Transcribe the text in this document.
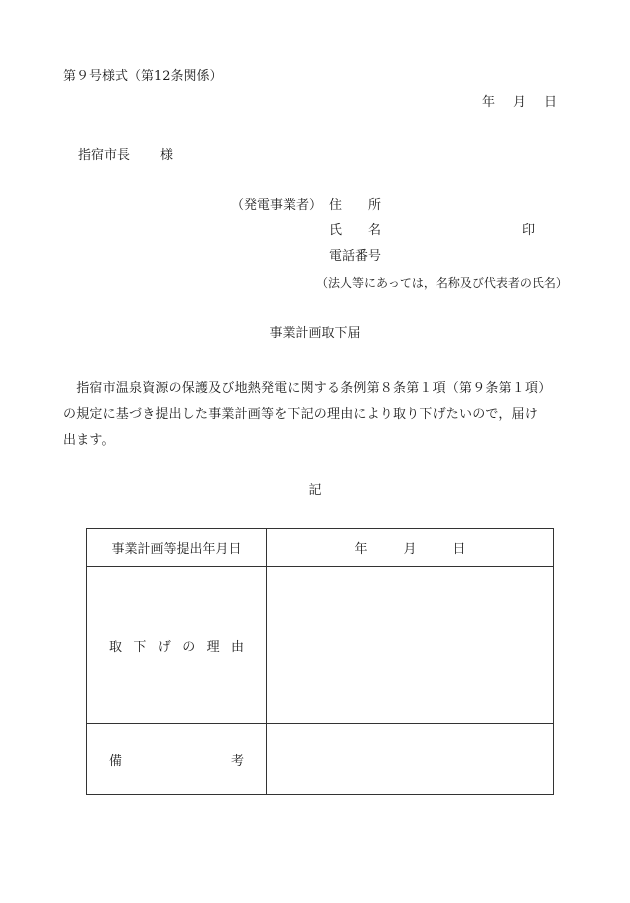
第９号様式（第12条関係）
年 月 日
指宿市長 様
（発電事業者） 住　　所
氏　　名	印
電話番号
（法人等にあっては，名称及び代表者の氏名）
事業計画取下届

　指宿市温泉資源の保護及び地熱発電に関する条例第８条第１項（第９条第１項）

の規定に基づき提出した事業計画等を下記の理由により取り下げたいので，届け

出ます。

記
事業計画等提出年月日	年 月 日

取下げの理由	

備考	
